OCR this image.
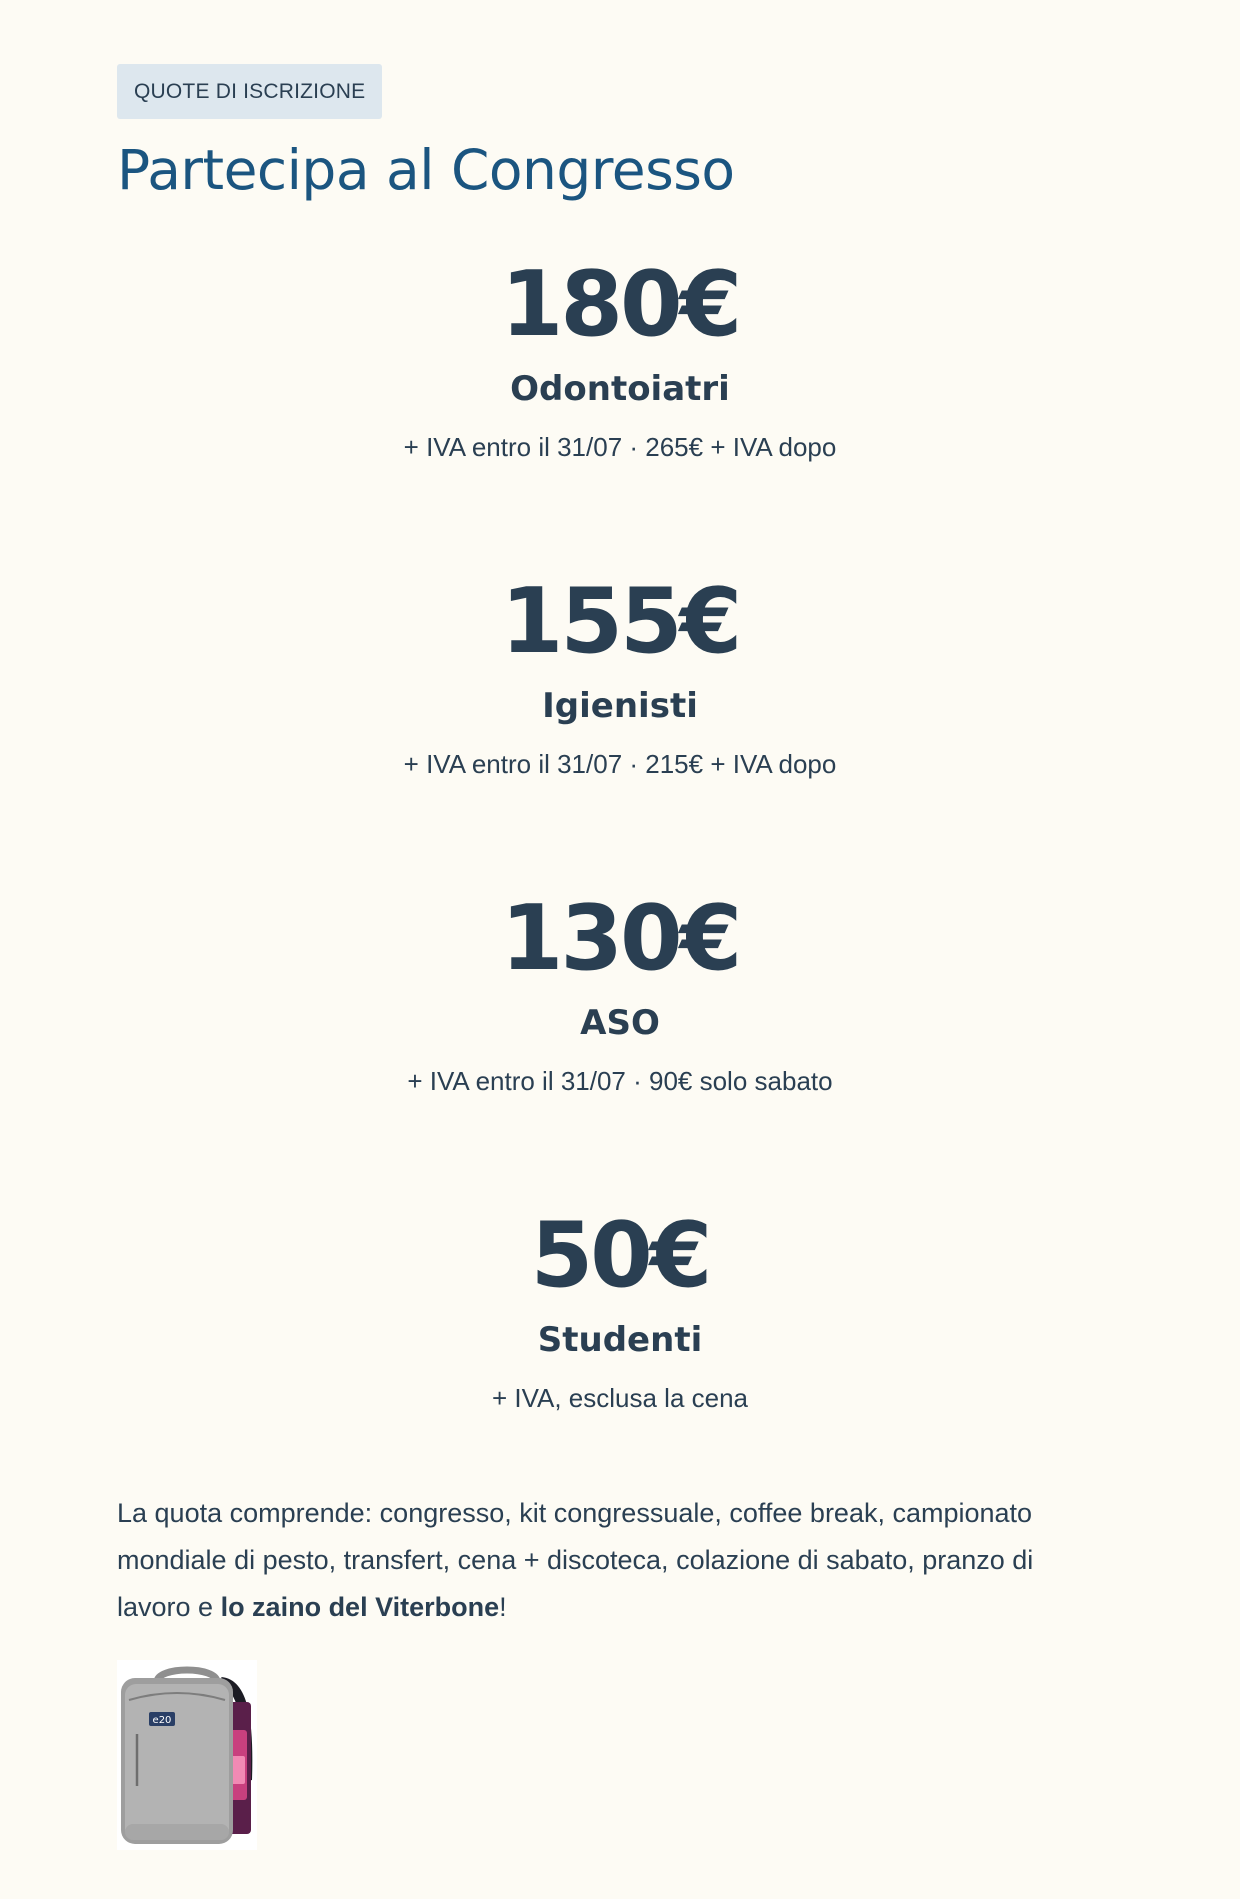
QUOTE DI ISCRIZIONE
Partecipa al Congresso
180€
Odontoiatri
+ IVA entro il 31/07 · 265€ + IVA dopo
155€
Igienisti
+ IVA entro il 31/07 · 215€ + IVA dopo
130€
ASO
+ IVA entro il 31/07 · 90€ solo sabato
50€
Studenti
+ IVA, esclusa la cena

La quota comprende: congresso, kit congressuale, coffee break, campionato mondiale di pesto, transfert, cena + discoteca, colazione di sabato, pranzo di lavoro e lo zaino del Viterbone!

e20
